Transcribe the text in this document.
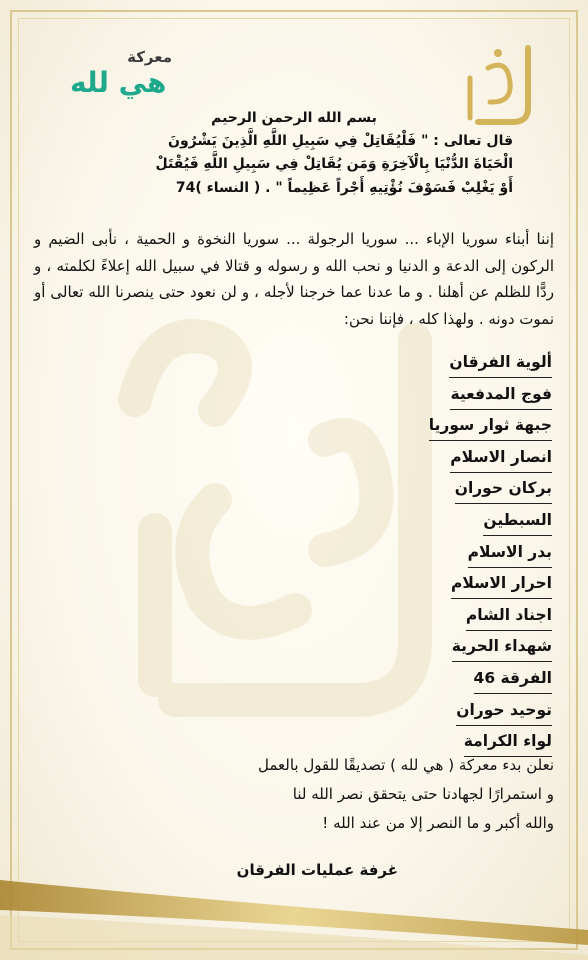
معركة
هي لله
بسم الله الرحمن الرحيم
قال تعالى : " فَلْيُقَاتِلْ فِي سَبِيلِ اللَّهِ الَّذِينَ يَشْرُونَ
الْحَيَاةَ الدُّنْيَا بِالْآخِرَةِ وَمَن يُقَاتِلْ فِي سَبِيلِ اللَّهِ فَيُقْتَلْ
أَوْ يَغْلِبْ فَسَوْفَ نُؤْتِيهِ أَجْراً عَظِيماً " . ( النساء )74
إننا أبناء سوريا الإباء ... سوريا الرجولة ... سوريا النخوة و الحمية ، نأبى الضيم و الركون إلى الدعة و الدنيا و نحب الله و رسوله و قتالا في سبيل الله إعلاءً لكلمته ، و ردًّا للظلم عن أهلنا . و ما عدنا عما خرجنا لأجله ، و لن نعود حتى ينصرنا الله تعالى أو نموت دونه . ولهذا كله ، فإننا نحن:
ألوية الفرقان
فوج المدفعية
جبهة ثوار سوريا
انصار الاسلام
بركان حوران
السبطين
بدر الاسلام
احرار الاسلام
اجناد الشام
شهداء الحرية
الفرقة 46
توحيد حوران
لواء الكرامة
نعلن بدء معركة ( هي لله ) تصديقًا للقول بالعمل
و استمرارًا لجهادنا حتى يتحقق نصر الله لنا
والله أكبر و ما النصر إلا من عند الله !
غرفة عمليات الفرقان
